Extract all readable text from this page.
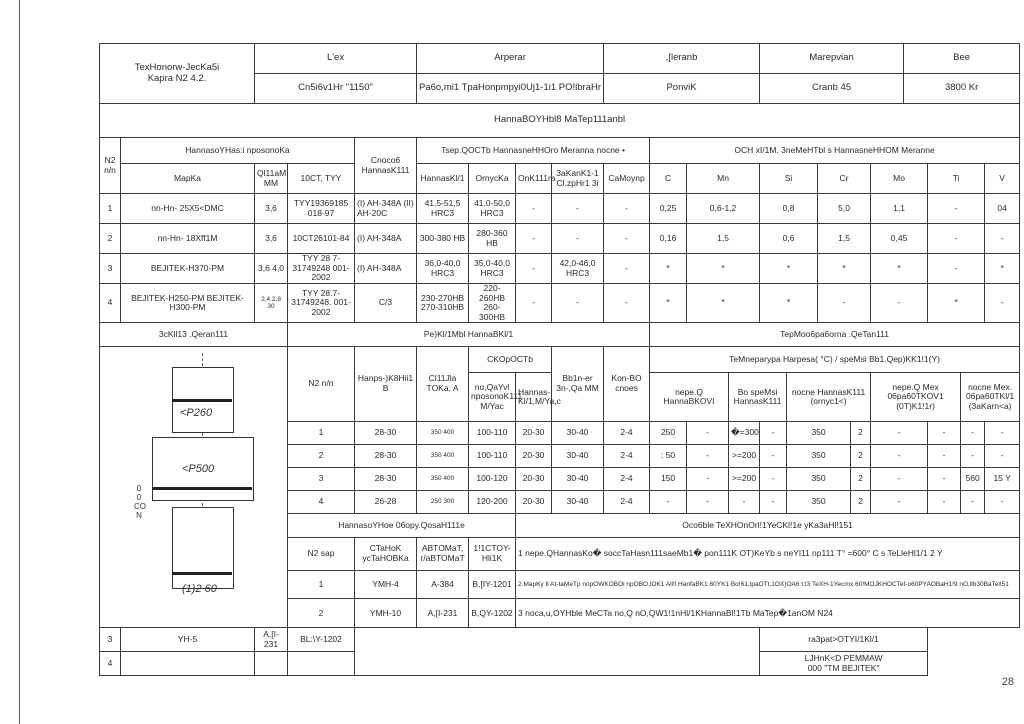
TexHonorw-JecKa5i
Kapra N2 4.2.		L'ex			Arperar				,[leranb				Marepvian					Bee			
		Cn5i6v1Hr "1150"			Pa6o,mi1 TpaHonpmpyi0Uj1-1i1 PO!lbraHr				PonviK				Cranb 45					3800 Kr			
HannaBOYHbl8 MaTep111anbl																					
N2 n/n	HannasoYHas:i nposonoKa			Cnoco6 HannasK111	Tsep.QOCTb HannasneHHOro Meranna nocne •					OCH xI/1M. 3neMeHTbl s HannasneHHOM Meranne											
	MapKa	Ql11aM MM	10CT, TYY		HannasKl/1	OrnycKa	OnK111ra	3aKanK1-1 Cl.zpHr1 3i	CaMoynp	C	Mn		Si		Cr		Mo		Ti		V
1	nn-Hn- 25X5<DMC	3,6	TYY19369185 018-97	(I) AH-348A (II) AH-20C	41,5-51,5 HRC3	41,0-50,0 HRC3	-	-	-	0,25	0,6-1,2		0,8		5,0		1,1		-		04
2	nn-Hn- 18Xff1M	3,6	10CT26101-84	(I) AH-348A	300-380 HB	280-360 HB	-	-	-	0,16	1,5		0,6		1,5		0,45		-		-
3	BEJITEK-H370-PM	3,6 4,0	TYY 28 7-31749248 001-2002	(I) AH-348A	36,0-40,0 HRC3	35,0-40,0 HRC3	-	42,0-46,0 HRC3	-	*	*		*		*		*		-		*
4	BEJITEK-H250-PM BEJITEK-H300-PM	2,4 2,8 30	TYY 28.7-31749248. 001-2002	C/3	230-270HB 270-310HB	220-260HB 260-300HB	-	-	-	*	*		*		-		-		*		-
3cKll13 .Qeran111			Pe)Kl/1Mbl HannaBKl/1							TepMoo6pa6orna .QeTan111											

<P260
<P500
(1)2 60
0 0 CO N			N2 n/n	Hanps-)K8Hii1 B	Cl11Jla TOKa, A	CKOpOCTb		Bb1n-er 3n-,Qa MM	Kon-BO cnoes	TeMneparypa Harpesa( °C) / speMsi Bb1.Qep)KK1!1(Y)											
						no,QaYvl nposonoK111 M/Yac	Hannas-Kl/1,M/Ya,c			nepe.Q HannaBKOVI		Bo speMsi HannasK111		nocne HannasK111 (ornyc1<)			nepe.Q Mex 06pa60TKOV1 (0T)K1!1r)			nocne Mex. 06pa60TKl/1 (3aKarn<a)	
			1	28-30	350 400	100-110	20-30	30-40	2-4	250	-	�=300	-	350		2	-		-	-	-
			2	28-30	350 400	100-110	20-30	30-40	2-4	: 50	-	>=200	-	350		2	-		-	-	-
			3	28-30	350 400	100-120	20-30	30-40	2-4	150	-	>=200	-	350		2	-		-	560	15 Y
			4	26-28	250 300	120-200	20-30	30-40	2-4	-	-	-	-	350		2	-		-	-	-
			HannasoYHoe 06opy.QosaH111e				Oco6ble TeXHOnOrl!1YeCKl!1e yKa3aHl!151														
			N2 sap	CTaHoK ycTaHOBKa	ABTOMaT, r/aBTOMaT	1!1CTOY-Hli1K	1 nepe.QHannasKo� soccTaHasn111saeMb1� pon111K OT)KeYb s neYl11 np111 T° =600° C s TeLleHl1/1 2 Y														
			1	YMH-4	A-384	B,[IY-1201	2.MapKy tl At-taMeTp nopOWKOBOi npOBO,lOK1 All!l HanfaBK1 60YK1 Bo!61,tpaOTt,1OX)OA6 t.t3 TeXH-1Yecrnx 60!MOJKHOCTef-o60PYAOBaH1!9 nO,llb30BaTel!51														
			2	YMH-10	A,[I-231	B,QY-1202	3 noca,u,OYHble MeCTa no,Q nO,QW1!1nHl/1KHannaBl!1Tb MaTep�1anOM N24														
3	YH-5	A,[I-231	BL:\Y-1202										ra3pat>OTYI/1Kl/1								
4													LJHnK<D PEMMAW
000 "TM BEJITEK"								
28
